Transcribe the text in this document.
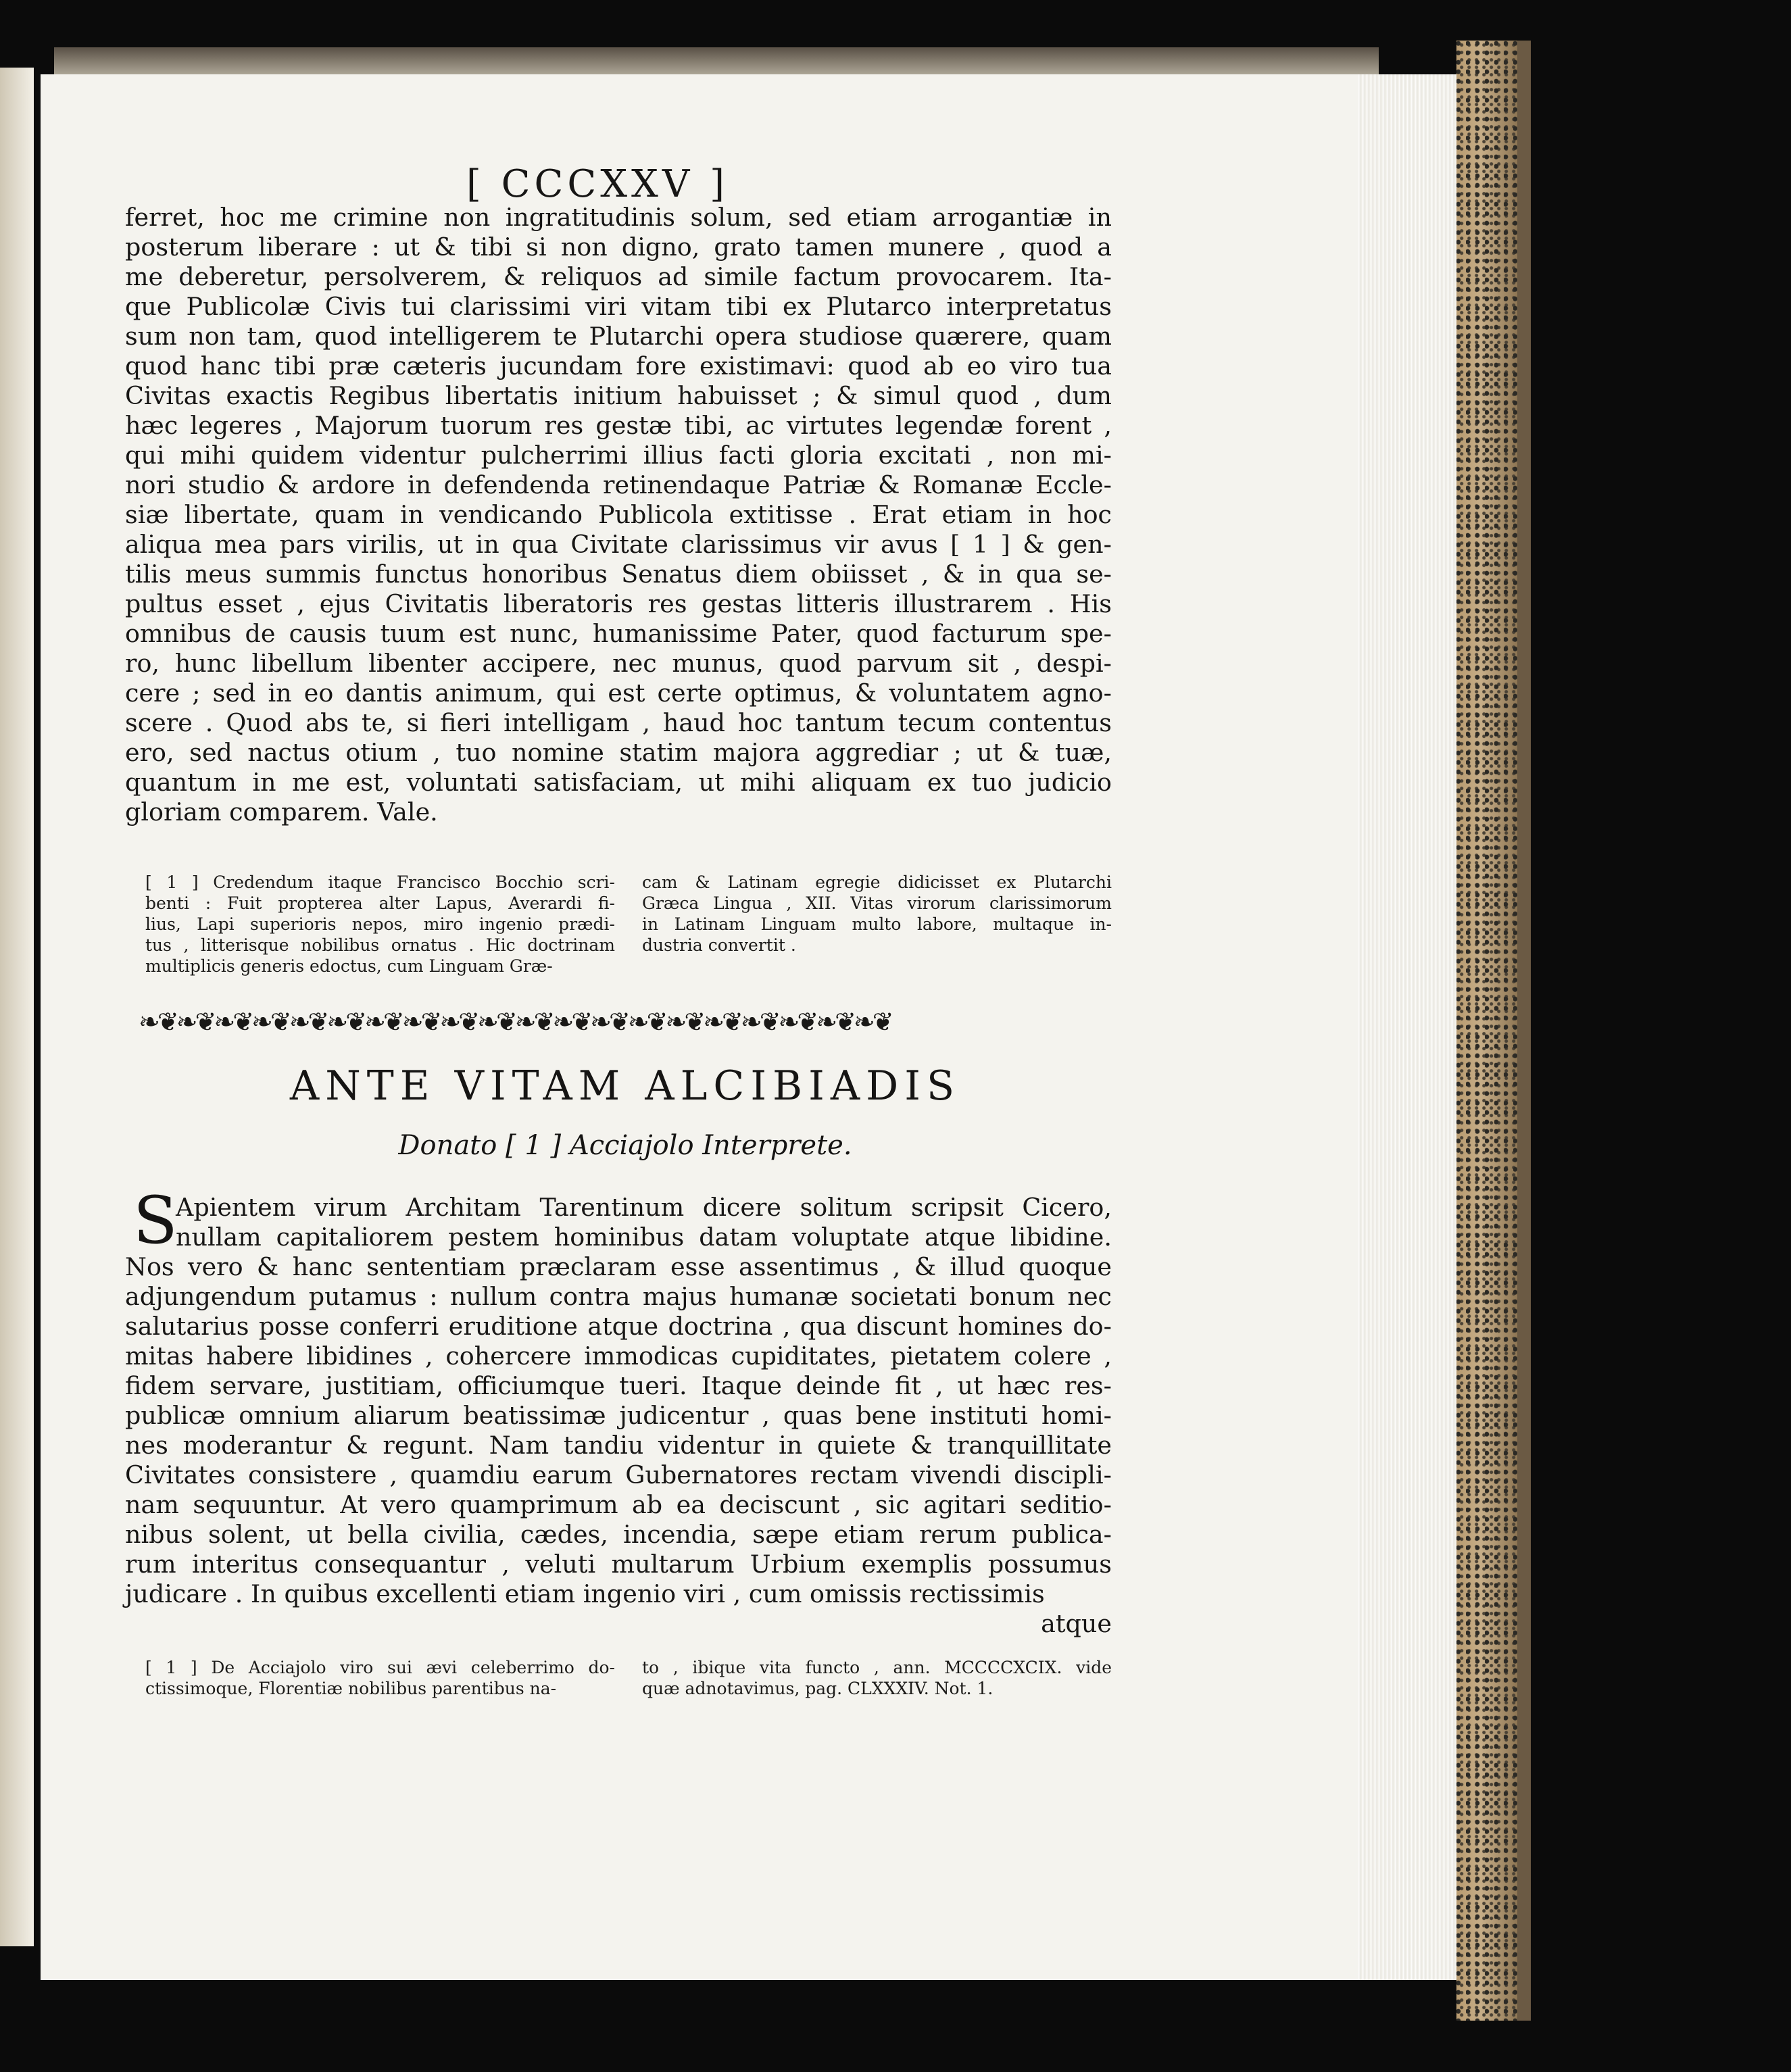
[ CCCXXV ]
ferret, hoc me crimine non ingratitudinis solum, sed etiam arrogantiæ in
posterum liberare : ut & tibi si non digno, grato tamen munere , quod a
me deberetur, persolverem, & reliquos ad simile factum provocarem. Ita-
que Publicolæ Civis tui clarissimi viri vitam tibi ex Plutarco interpretatus
sum non tam, quod intelligerem te Plutarchi opera studiose quærere, quam
quod hanc tibi præ cæteris jucundam fore existimavi: quod ab eo viro tua
Civitas exactis Regibus libertatis initium habuisset ; & simul quod , dum
hæc legeres , Majorum tuorum res gestæ tibi, ac virtutes legendæ forent ,
qui mihi quidem videntur pulcherrimi illius facti gloria excitati , non mi-
nori studio & ardore in defendenda retinendaque Patriæ & Romanæ Eccle-
siæ libertate, quam in vendicando Publicola extitisse . Erat etiam in hoc
aliqua mea pars virilis, ut in qua Civitate clarissimus vir avus [ 1 ] & gen-
tilis meus summis functus honoribus Senatus diem obiisset , & in qua se-
pultus esset , ejus Civitatis liberatoris res gestas litteris illustrarem . His
omnibus de causis tuum est nunc, humanissime Pater, quod facturum spe-
ro, hunc libellum libenter accipere, nec munus, quod parvum sit , despi-
cere ; sed in eo dantis animum, qui est certe optimus, & voluntatem agno-
scere . Quod abs te, si fieri intelligam , haud hoc tantum tecum contentus
ero, sed nactus otium , tuo nomine statim majora aggrediar ; ut & tuæ,
quantum in me est, voluntati satisfaciam, ut mihi aliquam ex tuo judicio
gloriam comparem. Vale.
[ 1 ] Credendum itaque Francisco Bocchio scri-
benti : Fuit propterea alter Lapus, Averardi fi-
lius, Lapi superioris nepos, miro ingenio prædi-
tus , litterisque nobilibus ornatus . Hic doctrinam
multiplicis generis edoctus, cum Linguam Græ-
cam & Latinam egregie didicisset ex Plutarchi
Græca Lingua , XII. Vitas virorum clarissimorum
in Latinam Linguam multo labore, multaque in-
dustria convertit .
❧❦❧❦❧❦❧❦❧❦❧❦❧❦❧❦❧❦❧❦❧❦❧❦❧❦❧❦❧❦❧❦❧❦❧❦❧❦❧❦
ANTE VITAM ALCIBIADIS
Donato [ 1 ] Acciajolo Interprete.
S
Apientem virum Architam Tarentinum dicere solitum scripsit Cicero,
nullam capitaliorem pestem hominibus datam voluptate atque libidine.
Nos vero & hanc sententiam præclaram esse assentimus , & illud quoque
adjungendum putamus : nullum contra majus humanæ societati bonum nec
salutarius posse conferri eruditione atque doctrina , qua discunt homines do-
mitas habere libidines , cohercere immodicas cupiditates, pietatem colere ,
fidem servare, justitiam, officiumque tueri. Itaque deinde fit , ut hæc res-
publicæ omnium aliarum beatissimæ judicentur , quas bene instituti homi-
nes moderantur & regunt. Nam tandiu videntur in quiete & tranquillitate
Civitates consistere , quamdiu earum Gubernatores rectam vivendi discipli-
nam sequuntur. At vero quamprimum ab ea deciscunt , sic agitari seditio-
nibus solent, ut bella civilia, cædes, incendia, sæpe etiam rerum publica-
rum interitus consequantur , veluti multarum Urbium exemplis possumus
judicare . In quibus excellenti etiam ingenio viri , cum omissis rectissimis
atque
[ 1 ] De Acciajolo viro sui ævi celeberrimo do-
ctissimoque, Florentiæ nobilibus parentibus na-
to , ibique vita functo , ann. MCCCCXCIX. vide
quæ adnotavimus, pag. CLXXXIV. Not. 1.
